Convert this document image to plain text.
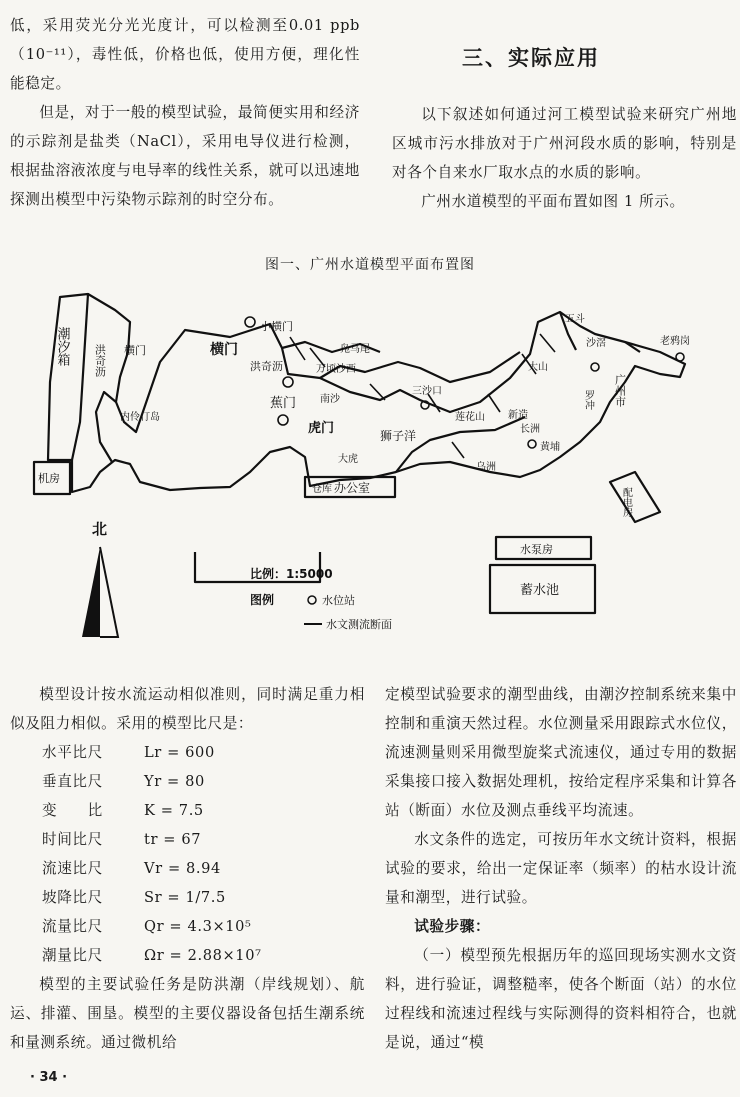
低，采用荧光分光光度计，可以检测至0.01 ppb（10⁻¹¹），毒性低，价格也低，使用方便，理化性能稳定。

但是，对于一般的模型试验，最简便实用和经济的示踪剂是盐类（NaCl），采用电导仪进行检测，根据盐溶液浓度与电导率的线性关系，就可以迅速地探测出模型中污染物示踪剂的时空分布。

三、实际应用

以下叙述如何通过河工模型试验来研究广州地区城市污水排放对于广州河段水质的影响，特别是对各个自来水厂取水点的水质的影响。

广州水道模型的平面布置如图 1 所示。

图一、广州水道模型平面布置图
北
潮汐箱
机房
洪奇沥
内伶仃岛
横门
小横门
横门
洪奇沥
凫马尾
万顷沙西
蕉门
虎门
南沙
三沙口
大虎
狮子洋
莲花山 新造
乌洲
黄埔
长洲
五斗
沙滘
广州市
老鸦岗
大山
罗冲
办公室
仓库	配电房
水泵房
蓄水池
比例：1:5000
图例	水位站
水文测流断面

模型设计按水流运动相似准则，同时满足重力相似及阻力相似。采用的模型比尺是：

水平比尺	Lr = 600
垂直比尺	Yr = 80
变　　比	K = 7.5
时间比尺	tr = 67
流速比尺	Vr = 8.94
坡降比尺	Sr = 1/7.5
流量比尺	Qr = 4.3×10⁵
潮量比尺	Ωr = 2.88×10⁷

模型的主要试验任务是防洪潮（岸线规划）、航运、排灌、围垦。模型的主要仪器设备包括生潮系统和量测系统。通过微机给

定模型试验要求的潮型曲线，由潮汐控制系统来集中控制和重演天然过程。水位测量采用跟踪式水位仪，流速测量则采用微型旋桨式流速仪，通过专用的数据采集接口接入数据处理机，按给定程序采集和计算各站（断面）水位及测点垂线平均流速。

水文条件的选定，可按历年水文统计资料，根据试验的要求，给出一定保证率（频率）的枯水设计流量和潮型，进行试验。

试验步骤：

（一）模型预先根据历年的巡回现场实测水文资料，进行验证，调整糙率，使各个断面（站）的水位过程线和流速过程线与实际测得的资料相符合，也就是说，通过“模

· 34 ·
